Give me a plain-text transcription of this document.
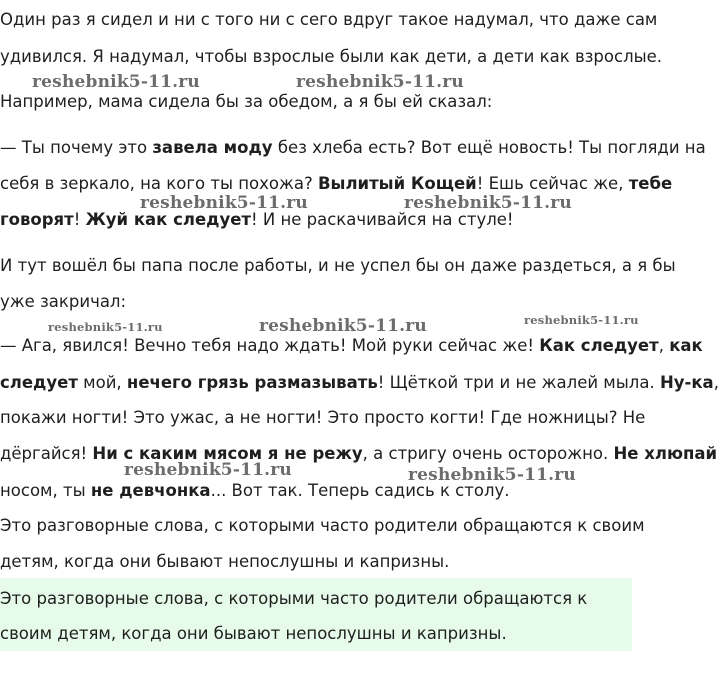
Один раз я сидел и ни с того ни с сего вдруг такое надумал, что даже сам
удивился. Я надумал, чтобы взрослые были как дети, а дети как взрослые.
Например, мама сидела бы за обедом, а я бы ей сказал:
— Ты почему это завела моду без хлеба есть? Вот ещё новость! Ты погляди на
себя в зеркало, на кого ты похожа? Вылитый Кощей! Ешь сейчас же, тебе
говорят! Жуй как следует! И не раскачивайся на стуле!
И тут вошёл бы папа после работы, и не успел бы он даже раздеться, а я бы
уже закричал:
— Ага, явился! Вечно тебя надо ждать! Мой руки сейчас же! Как следует, как
следует мой, нечего грязь размазывать! Щёткой три и не жалей мыла. Ну-ка,
покажи ногти! Это ужас, а не ногти! Это просто когти! Где ножницы? Не
дёргайся! Ни с каким мясом я не режу, а стригу очень осторожно. Не хлюпай
носом, ты не девчонка... Вот так. Теперь садись к столу.
Это разговорные слова, с которыми часто родители обращаются к своим
детям, когда они бывают непослушны и капризны.
Это разговорные слова, с которыми часто родители обращаются к
своим детям, когда они бывают непослушны и капризны.
reshebnik5-11.ru	reshebnik5-11.ru
reshebnik5-11.ru	reshebnik5-11.ru
reshebnik5-11.ru	reshebnik5-11.ru	reshebnik5-11.ru
reshebnik5-11.ru	reshebnik5-11.ru
